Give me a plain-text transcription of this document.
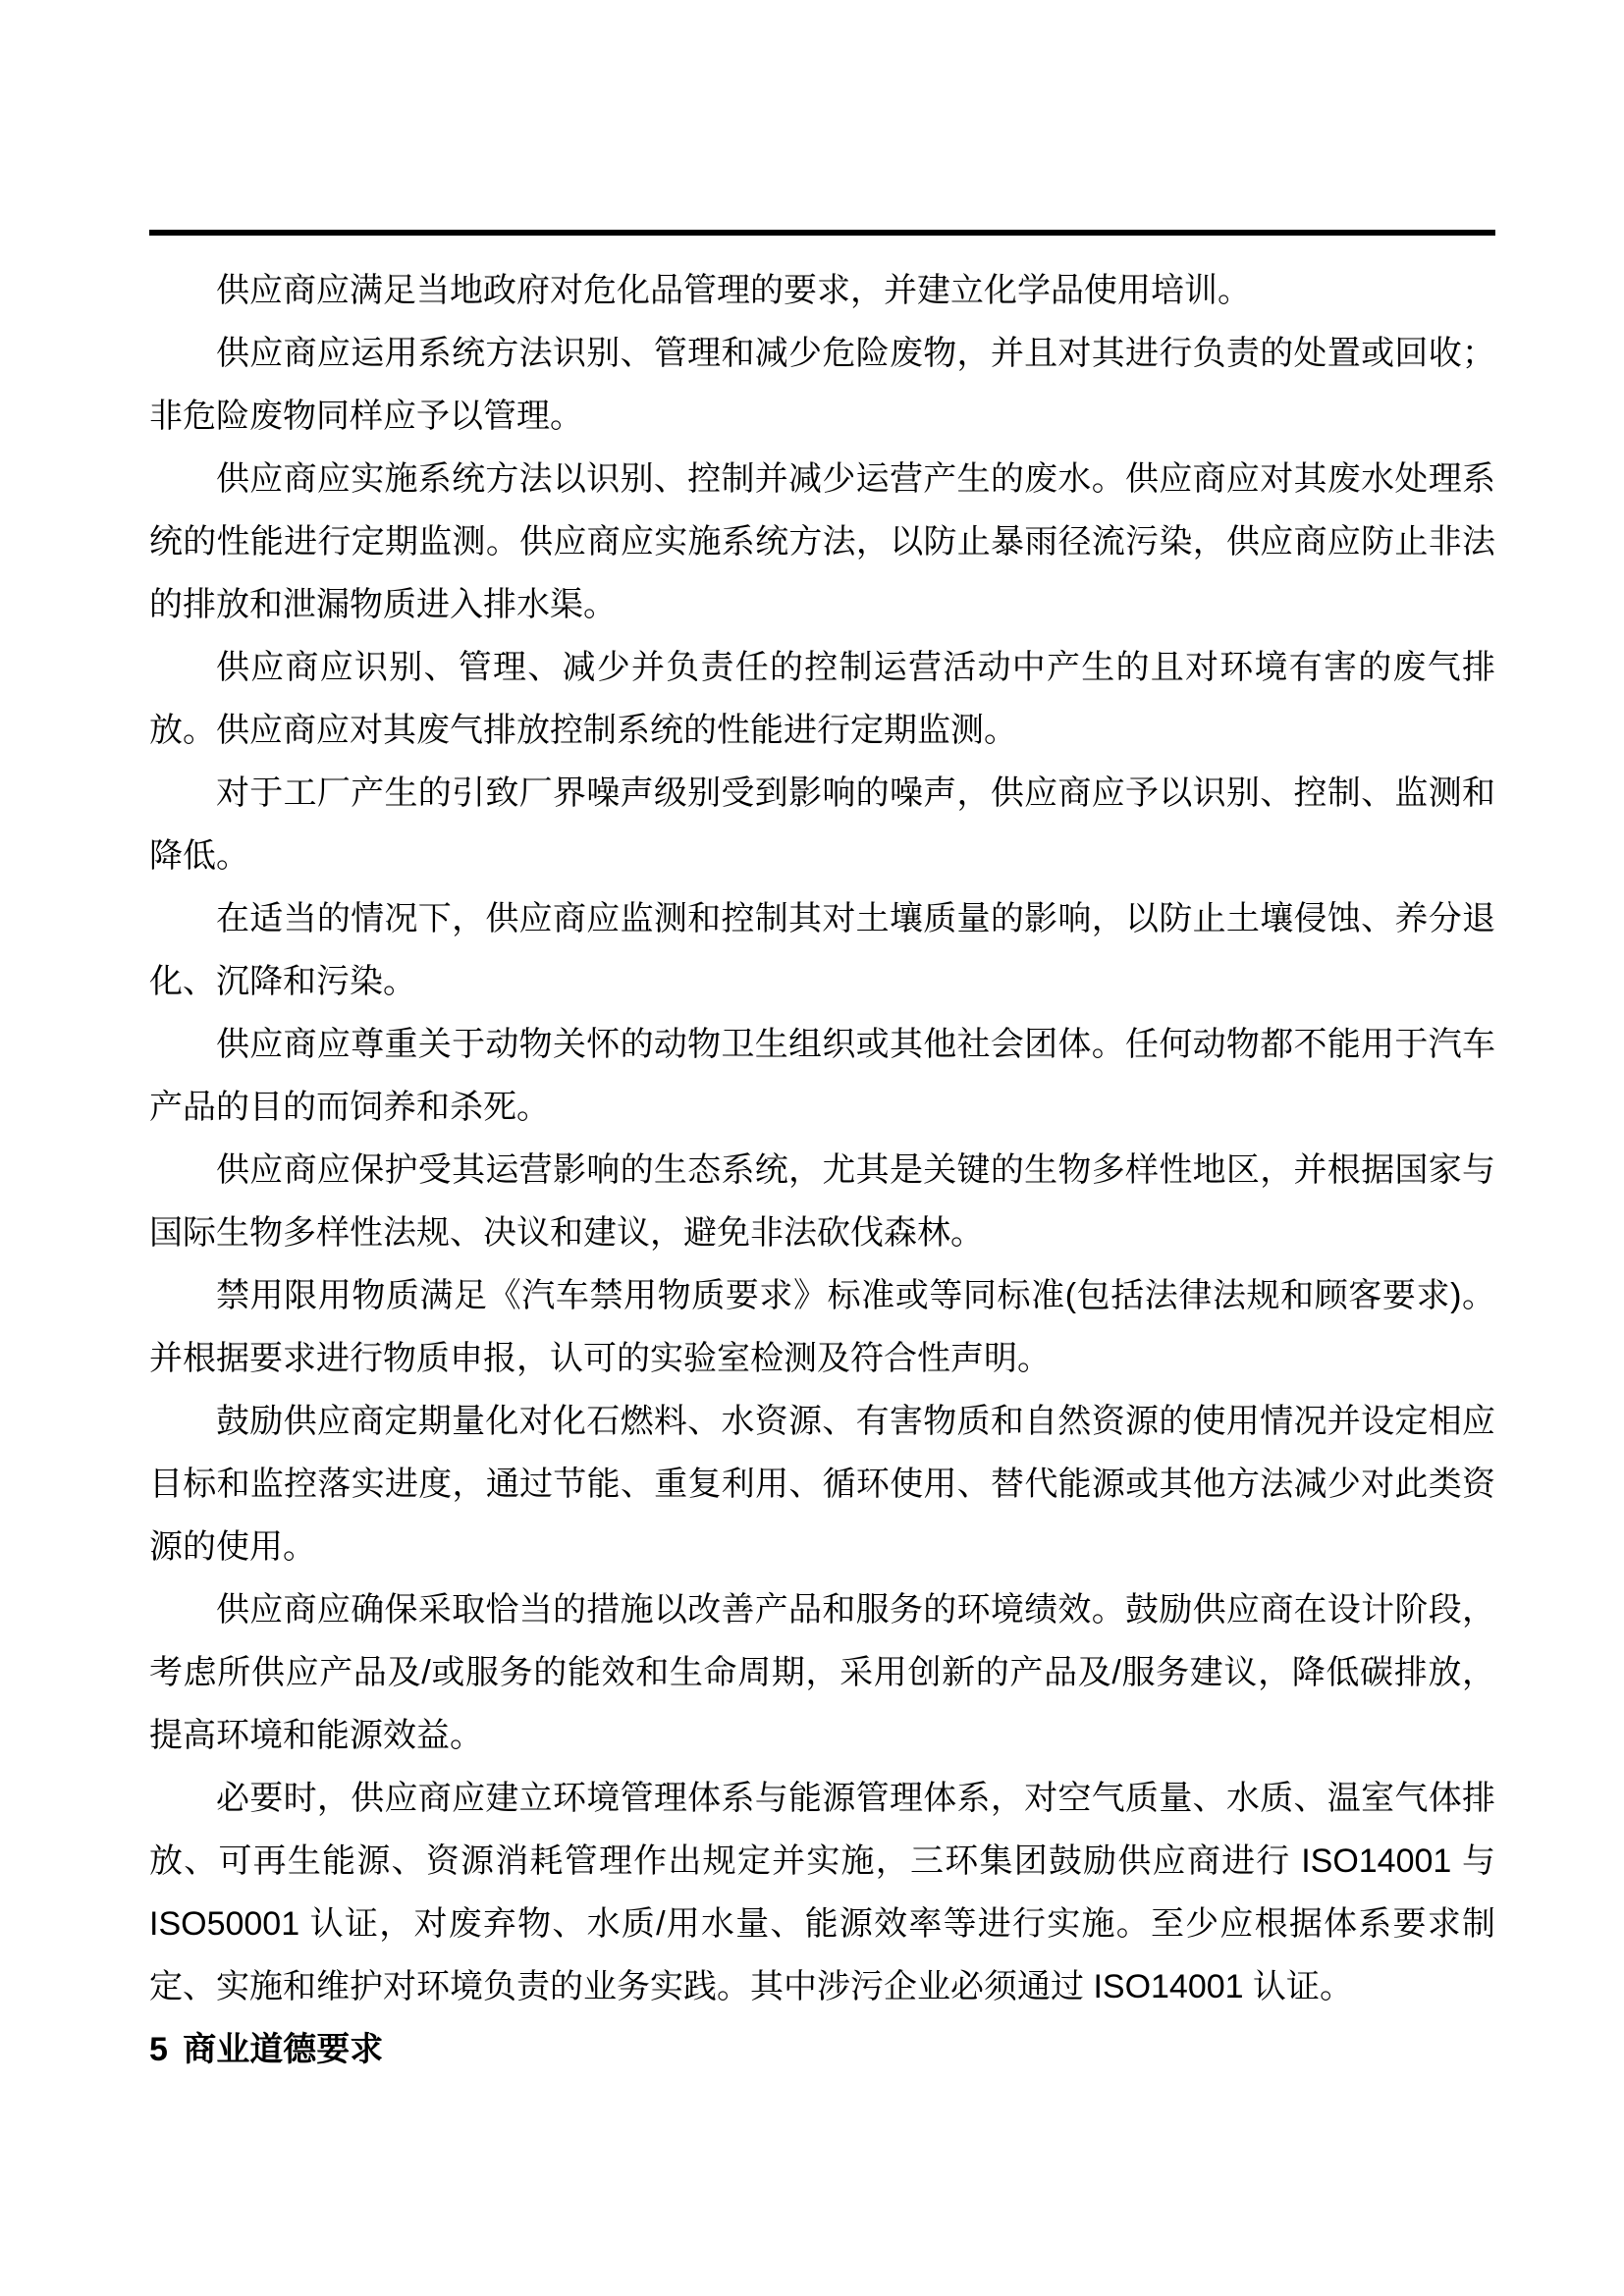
供应商应满足当地政府对危化品管理的要求，并建立化学品使用培训。

供应商应运用系统方法识别、管理和减少危险废物，并且对其进行负责的处置或回收；非危险废物同样应予以管理。

供应商应实施系统方法以识别、控制并减少运营产生的废水。供应商应对其废水处理系统的性能进行定期监测。供应商应实施系统方法，以防止暴雨径流污染，供应商应防止非法的排放和泄漏物质进入排水渠。

供应商应识别、管理、减少并负责任的控制运营活动中产生的且对环境有害的废气排放。供应商应对其废气排放控制系统的性能进行定期监测。

对于工厂产生的引致厂界噪声级别受到影响的噪声，供应商应予以识别、控制、监测和降低。

在适当的情况下，供应商应监测和控制其对土壤质量的影响，以防止土壤侵蚀、养分退化、沉降和污染。

供应商应尊重关于动物关怀的动物卫生组织或其他社会团体。任何动物都不能用于汽车产品的目的而饲养和杀死。

供应商应保护受其运营影响的生态系统，尤其是关键的生物多样性地区，并根据国家与国际生物多样性法规、决议和建议，避免非法砍伐森林。

禁用限用物质满足《汽车禁用物质要求》标准或等同标准(包括法律法规和顾客要求)。并根据要求进行物质申报，认可的实验室检测及符合性声明。

鼓励供应商定期量化对化石燃料、水资源、有害物质和自然资源的使用情况并设定相应目标和监控落实进度，通过节能、重复利用、循环使用、替代能源或其他方法减少对此类资源的使用。

供应商应确保采取恰当的措施以改善产品和服务的环境绩效。鼓励供应商在设计阶段，考虑所供应产品及/或服务的能效和生命周期，采用创新的产品及/服务建议，降低碳排放，提高环境和能源效益。

必要时，供应商应建立环境管理体系与能源管理体系，对空气质量、水质、温室气体排放、可再生能源、资源消耗管理作出规定并实施，三环集团鼓励供应商进行 ISO14001 与 ISO50001 认证，对废弃物、水质/用水量、能源效率等进行实施。至少应根据体系要求制定、实施和维护对环境负责的业务实践。其中涉污企业必须通过 ISO14001 认证。

5 商业道德要求
